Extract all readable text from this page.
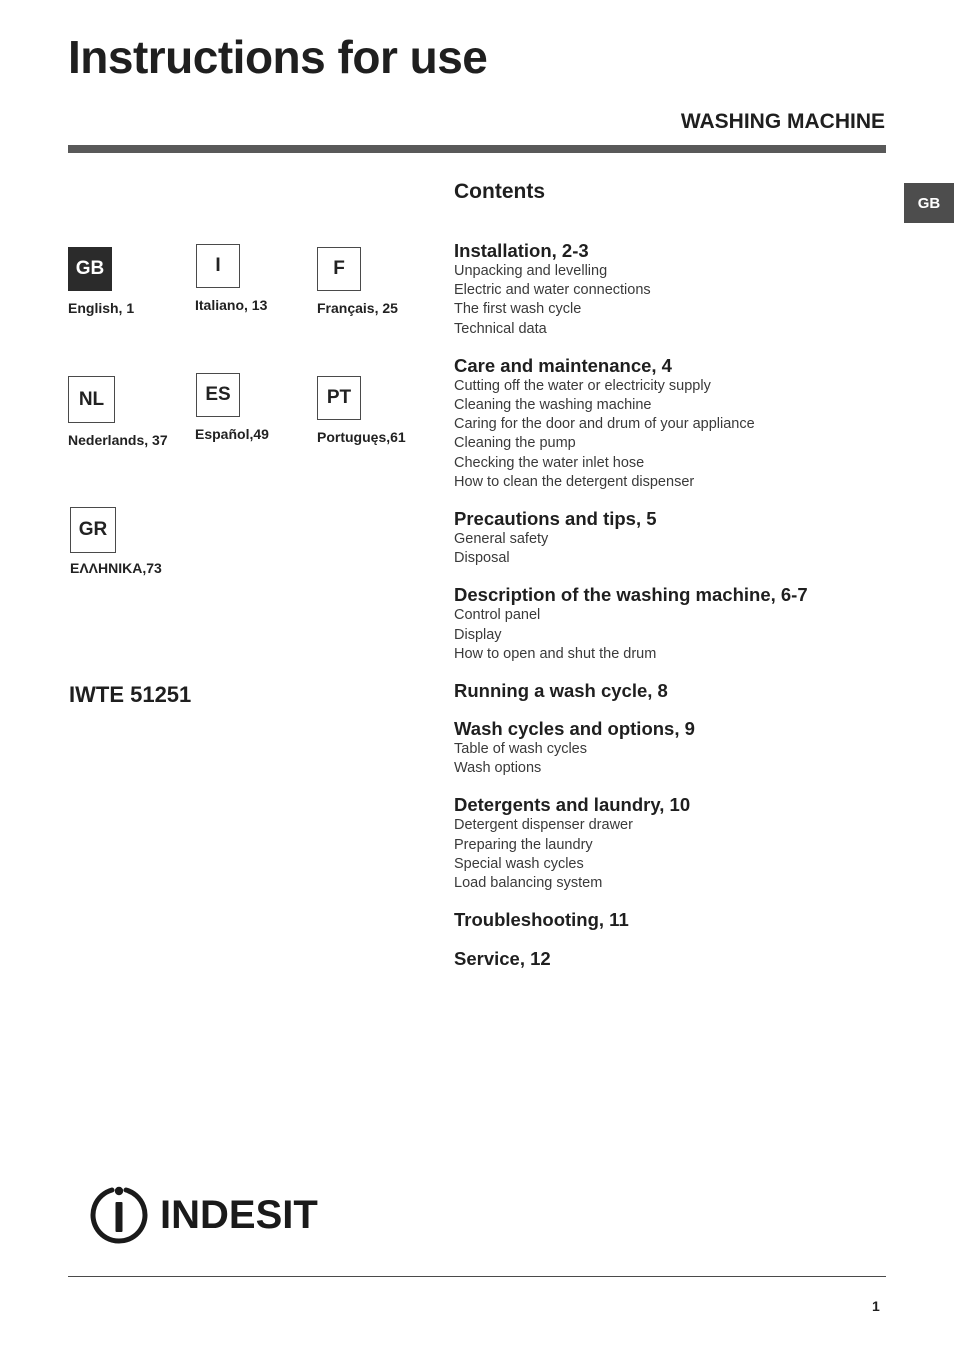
Instructions for use
WASHING MACHINE
GB
Contents
GB
English, 1
I
Italiano, 13
F
Français, 25
NL
Nederlands, 37
ES
Español,49
PT
Portuguęs,61
GR
ΕΛΛΗΝΙΚΑ,73
IWTE 51251
Installation, 2-3
Unpacking and levelling
Electric and water connections
The first wash cycle
Technical data
Care and maintenance, 4
Cutting off the water or electricity supply
Cleaning the washing machine
Caring for the door and drum of your appliance
Cleaning the pump
Checking the water inlet hose
How to clean the detergent dispenser
Precautions and tips, 5
General safety
Disposal
Description of the washing machine, 6-7
Control panel
Display
How to open and shut the drum
Running a wash cycle, 8
Wash cycles and options, 9
Table of wash cycles
Wash options
Detergents and laundry, 10
Detergent dispenser drawer
Preparing the laundry
Special wash cycles
Load balancing system
Troubleshooting, 11
Service, 12
INDESIT
1
